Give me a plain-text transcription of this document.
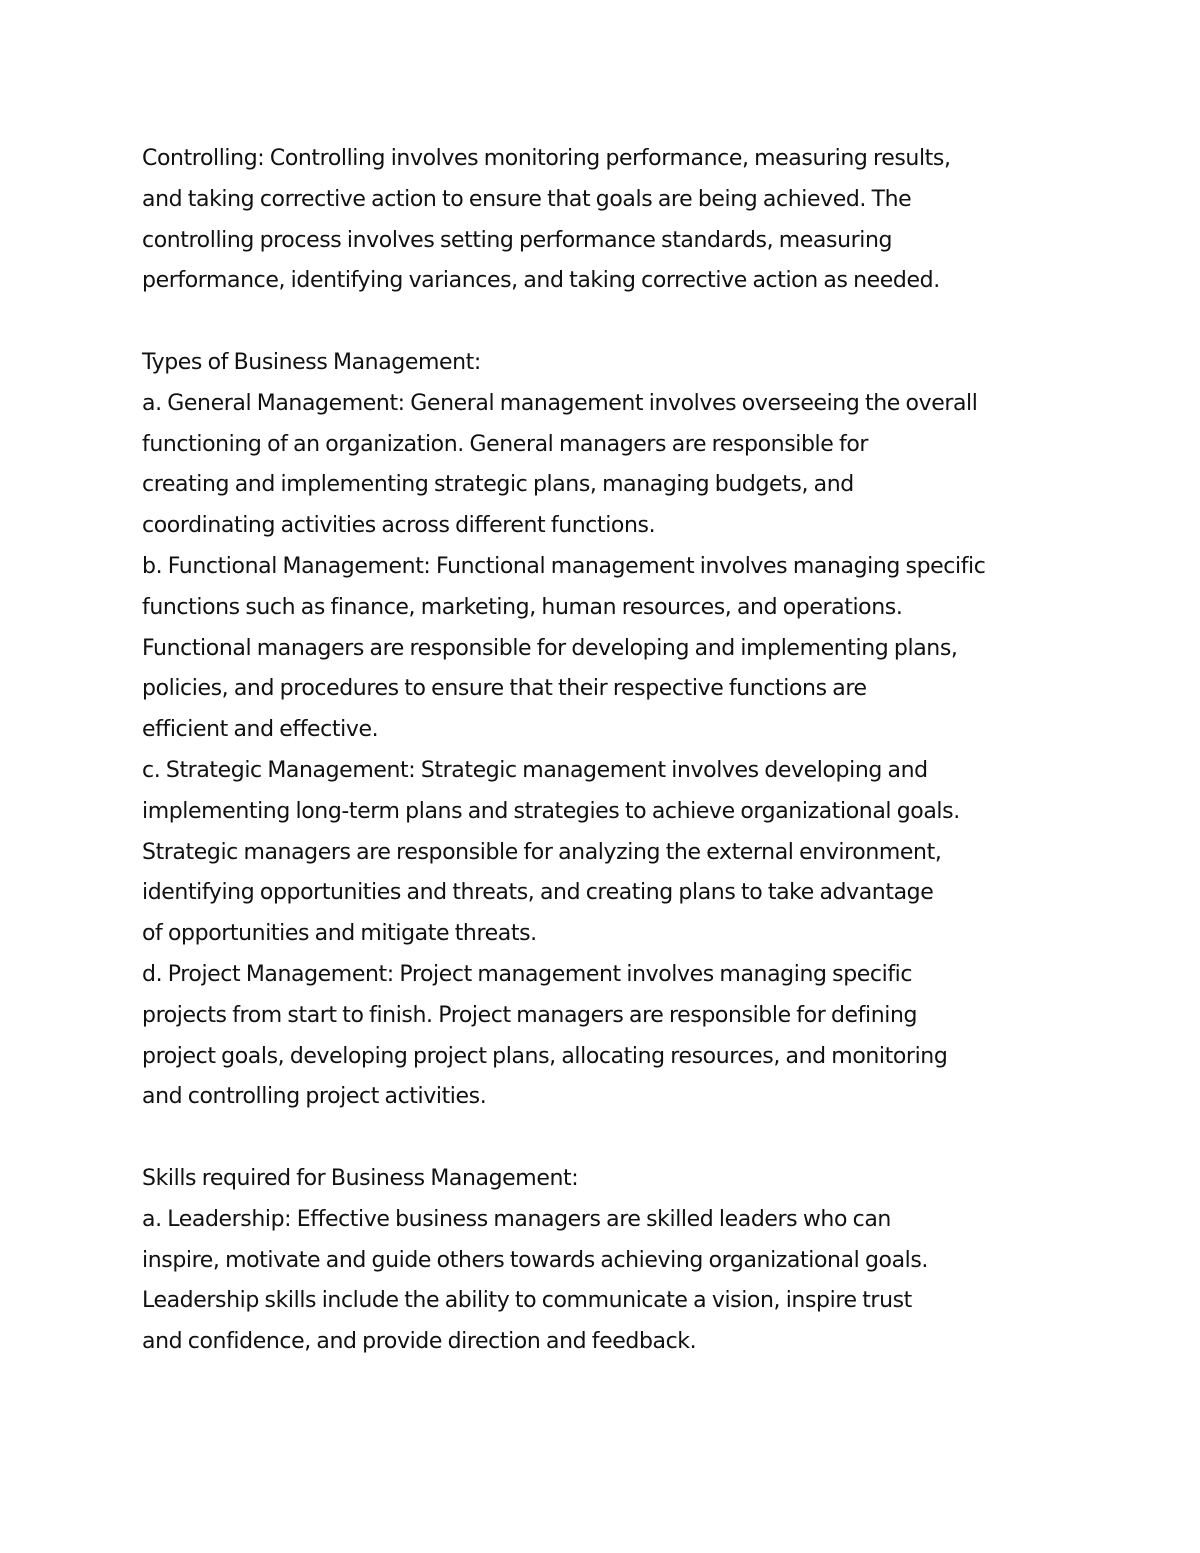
Controlling: Controlling involves monitoring performance, measuring results,
and taking corrective action to ensure that goals are being achieved. The
controlling process involves setting performance standards, measuring
performance, identifying variances, and taking corrective action as needed.
Types of Business Management:
a. General Management: General management involves overseeing the overall
functioning of an organization. General managers are responsible for
creating and implementing strategic plans, managing budgets, and
coordinating activities across different functions.
b. Functional Management: Functional management involves managing specific
functions such as finance, marketing, human resources, and operations.
Functional managers are responsible for developing and implementing plans,
policies, and procedures to ensure that their respective functions are
efficient and effective.
c. Strategic Management: Strategic management involves developing and
implementing long-term plans and strategies to achieve organizational goals.
Strategic managers are responsible for analyzing the external environment,
identifying opportunities and threats, and creating plans to take advantage
of opportunities and mitigate threats.
d. Project Management: Project management involves managing specific
projects from start to finish. Project managers are responsible for defining
project goals, developing project plans, allocating resources, and monitoring
and controlling project activities.
Skills required for Business Management:
a. Leadership: Effective business managers are skilled leaders who can
inspire, motivate and guide others towards achieving organizational goals.
Leadership skills include the ability to communicate a vision, inspire trust
and confidence, and provide direction and feedback.
